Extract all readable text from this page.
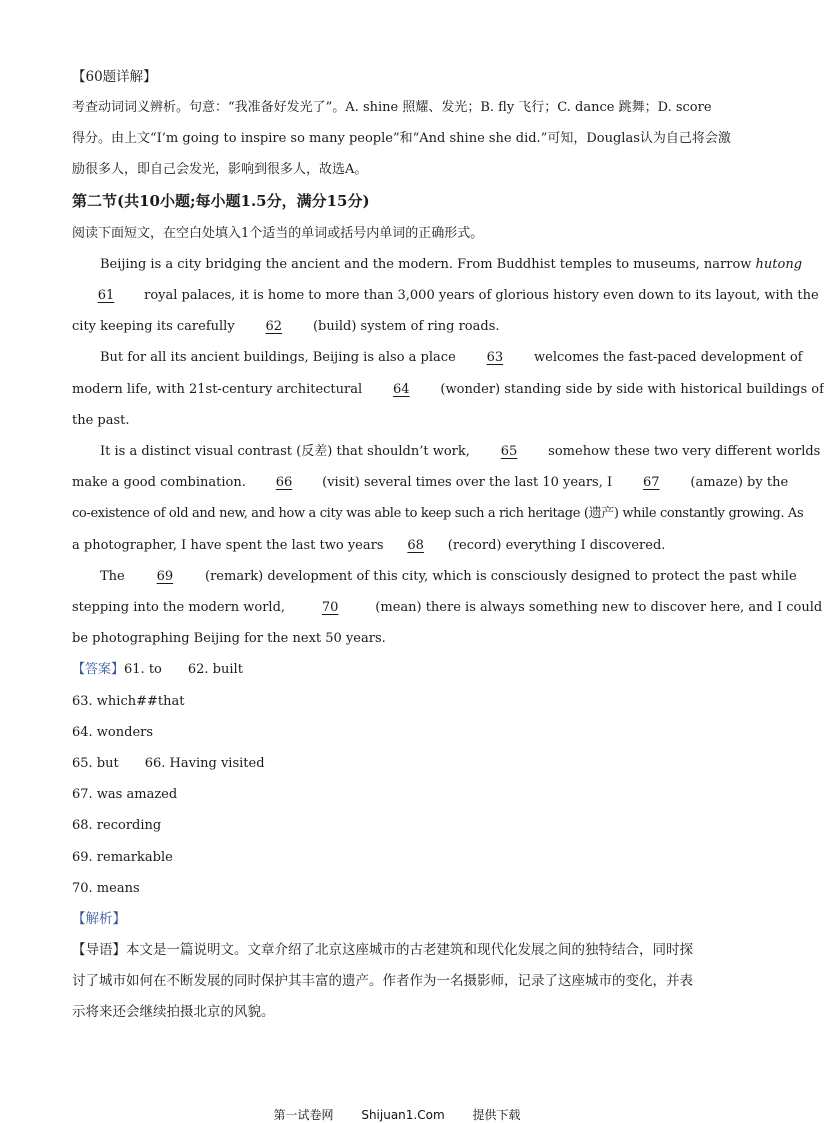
【60题详解】
考查动词词义辨析。句意：“我准备好发光了”。A. shine 照耀、发光；B. fly 飞行；C. dance 跳舞；D. score
得分。由上文“I’m going to inspire so many people”和“And shine she did.”可知，Douglas认为自己将会激
励很多人，即自己会发光，影响到很多人，故选A。
第二节(共10小题;每小题1.5分，满分15分)
阅读下面短文，在空白处填入1个适当的单词或括号内单词的正确形式。
Beijing is a city bridging the ancient and the modern. From Buddhist temples to museums, narrow hutong
61 royal palaces, it is home to more than 3,000 years of glorious history even down to its layout, with the
city keeping its carefully 62 (build) system of ring roads.
But for all its ancient buildings, Beijing is also a place 63 welcomes the fast-paced development of
modern life, with 21st-century architectural 64 (wonder) standing side by side with historical buildings of
the past.
It is a distinct visual contrast (反差) that shouldn’t work, 65 somehow these two very different worlds
make a good combination. 66 (visit) several times over the last 10 years, I 67 (amaze) by the
co-existence of old and new, and how a city was able to keep such a rich heritage (遗产) while constantly growing. As
a photographer, I have spent the last two years 68 (record) everything I discovered.
The 69 (remark) development of this city, which is consciously designed to protect the past while
stepping into the modern world,	70	(mean) there is always something new to discover here, and I could
be photographing Beijing for the next 50 years.
【答案】61. to 62. built
63. which##that
64. wonders
65. but 66. Having visited
67. was amazed
68. recording
69. remarkable
70. means
【解析】
【导语】本文是一篇说明文。文章介绍了北京这座城市的古老建筑和现代化发展之间的独特结合，同时探
讨了城市如何在不断发展的同时保护其丰富的遗产。作者作为一名摄影师，记录了这座城市的变化，并表
示将来还会继续拍摄北京的风貌。
第一试卷网 Shijuan1.Com 提供下载
